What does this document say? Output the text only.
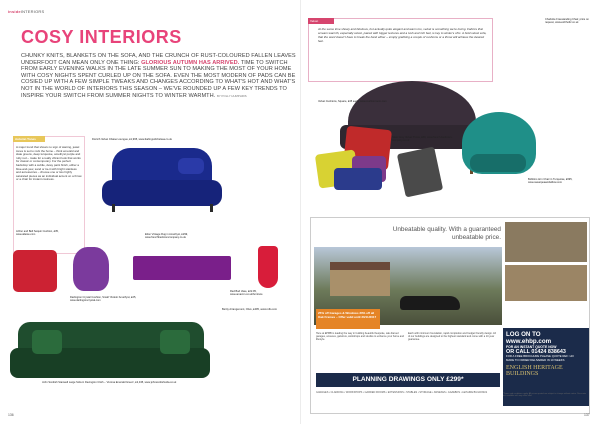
insideINTERIORS
COSY INTERIORS
CHUNKY KNITS, BLANKETS ON THE SOFA, AND THE CRUNCH OF RUST-COLOURED FALLEN LEAVES UNDERFOOT CAN MEAN ONLY ONE THING: GLORIOUS AUTUMN HAS ARRIVED. TIME TO SWITCH FROM EARLY EVENING WALKS IN THE LATE SUMMER SUN TO MAKING THE MOST OF YOUR HOME WITH COSY NIGHTS SPENT CURLED UP ON THE SOFA. EVEN THE MOST MODERN OF PADS CAN BE COSIED UP WITH A FEW SIMPLE TWEAKS AND CHANGES ACCORDING TO WHAT'S HOT AND WHAT'S NOT IN THE WORLD OF INTERIORS THIS SEASON – WE'VE ROUNDED UP A FEW KEY TRENDS TO INSPIRE YOUR SWITCH FROM SUMMER NIGHTS TO WINTER WARMTH. BY POLLY HUMPHRIS
Autumn Tones
A major trend that shows no sign of waning, jewel tones is set to rock the home – think emerald and slate greens, deep turquoise, amethyst purple and ruby red – make for a really vibrant look that works for classic or contemporary. For the perfect backdrop with a subtle, dewy paint finish, either a blue-and-yew, sand or tie-it with bright stainless and accessories – choose one or two highly saturated pieces as an individual accent on a throw or a chair for instant cosiness.
Velvet
At the same time showy and fabulous, but actually quite elegant and warm too, velvet is something we're loving. Fabrics that scream warmth, especially velvet, paired with bigger textures and a lush and rich feel, is key to winter's chic. A bold velvet sofa, that the word doesn't have to break the bank either – simply grabbing a couple of cushions or a throw will achieve the desired feel.
Dorrich Velvet Chaise Loungue, £1,995, www.darlingsofchelsea.co.uk
Charlotte Freestanding Chair, price on request, www.eichholtz.co.uk
Velvet Cushions, Square, £45 each, www.cushionroom.com
Slate Grey Velvet Throw, £89, www.french-bedroom-company.co.uk
Bobbins Arm Chair in Turquoise, £695, www.sweetpeaandwillow.com
Arthur and Bell Sequin Cushion, £35, www.atleise.com
Darlington Crystal Cushion, Small 'Violets' Amethyst, £25, www.darlingtoncrystal.com
Elton Vintage Rug in Amethyst, £299, www.frenchbedroomcompany.co.uk
Red Bud Vase, £22.95, www.amazon.co.uk/furniture
Bertty Arrangement, Olive, £495, www.rollo.com
John Scottish Stanwell Large Sofa in Devington Cloth – 'Verona Emerald Green', £2,345, www.johnscottishsofa.co.uk
Unbeatable quality. With a guaranteed unbeatable price.
25% off Garages & Windows 30% off all Oak Frames – Offer valid until 30/11/2017
Here at EHBB is leading the way in building beautiful bespoke, oak-framed garages, annexes, gazebos, workshops and studios to enhance your home and lifestyle.
Each with minimum foundation, rapid completion and budget friendly design. All of our buildings are designed to the highest standard and come with a 10 year guarantee.
LOG ON TO www.ehbp.com
FOR AN INSTANT QUOTE NOW
OR CALL 01424 838643
FOR A FREE BROCHURE PLEASE QUOTE REF: HO
MADE TO ORDER DELIVERED IN 10 WEEKS
ENGLISH HERITAGE BUILDINGS
PLANNING DRAWINGS ONLY £299*
GARAGES • CLADDING • WORKSHOPS • GARDEN ROOMS • EXTENSIONS • STABLES • STORAGE • ANNEXES • GAZEBOS • LEISURE BUILDINGS	*Terms and conditions apply. All prices quoted are subject to change without notice. Discounts not available with any other offer.
136	137
